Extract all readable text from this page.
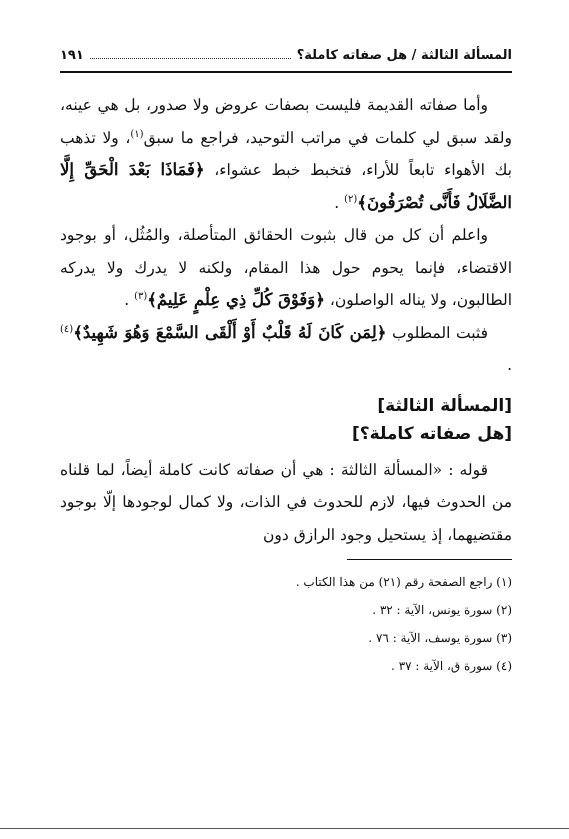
المسألة الثالثة / هل صفاته كاملة؟
١٩١

وأما صفاته القديمة فليست بصفات عروض ولا صدور، بل هي عينه، ولقد سبق لي كلمات في مراتب التوحيد، فراجع ما سبق$^{(١)}$، ولا تذهب بك الأهواء تابعاً للأراء، فتخبط خبط عشواء، ﴿فَمَاذَا بَعْدَ الْحَقِّ إِلَّا الضَّلَالُ فَأَنَّى تُصْرَفُونَ﴾$^{(٢)}$ .

واعلم أن كل من قال بثبوت الحقائق المتأصلة، والمُثُل، أو بوجود الاقتضاء، فإنما يحوم حول هذا المقام، ولكنه لا يدرك ولا يدركه الطالبون، ولا يناله الواصلون، ﴿وَفَوْقَ كُلِّ ذِي عِلْمٍ عَلِيمٌ﴾$^{(٣)}$ .

فثبت المطلوب ﴿لِمَن كَانَ لَهُ قَلْبٌ أَوْ أَلْقَى السَّمْعَ وَهُوَ شَهِيدٌ﴾$^{(٤)}$ .

[المسألة الثالثة]
[هل صفاته كاملة؟]

قوله : «المسألة الثالثة : هي أن صفاته كانت كاملة أيضاً، لما قلناه من الحدوث فيها، لازم للحدوث في الذات، ولا كمال لوجودها إلّا بوجود مقتضيهما، إذ يستحيل وجود الرازق دون

(١) راجع الصفحة رقم (٢١) من هذا الكتاب .

(٢) سورة يونس، الآية : ٣٢ .

(٣) سورة يوسف، الآية : ٧٦ .

(٤) سورة ق، الآية : ٣٧ .
